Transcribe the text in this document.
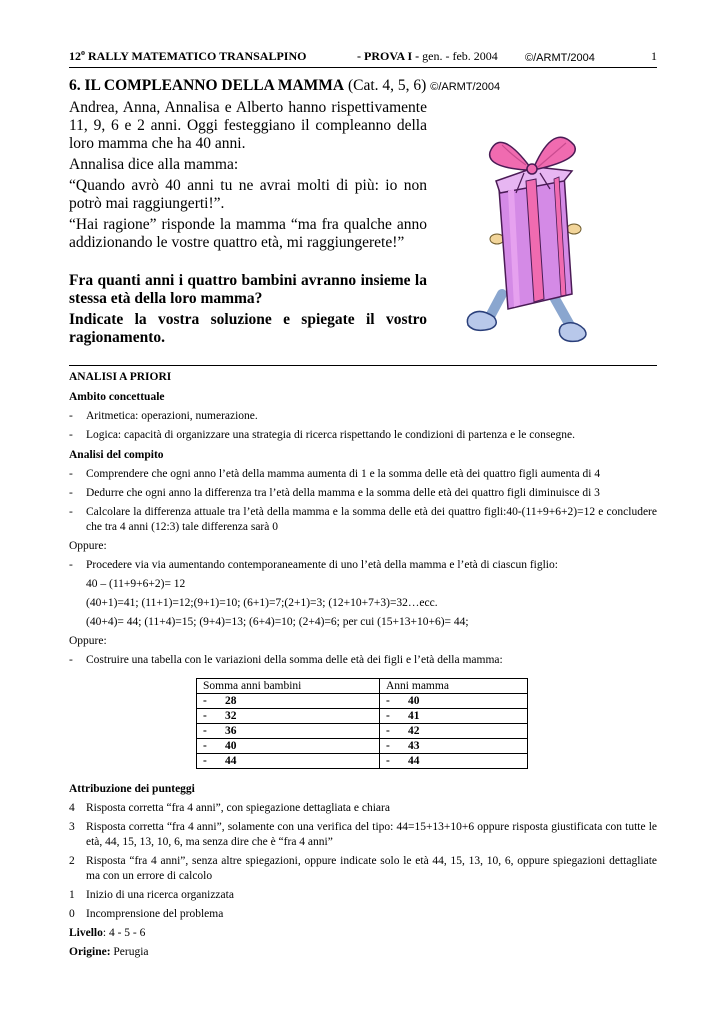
12$^o$ RALLY MATEMATICO TRANSALPINO	- PROVA I - gen. - feb. 2004	©/ARMT/2004	1
6. IL COMPLEANNO DELLA MAMMA (Cat. 4, 5, 6) ©/ARMT/2004

Andrea, Anna, Annalisa e Alberto hanno rispettivamente 11, 9, 6 e 2 anni. Oggi festeggiano il compleanno della loro mamma che ha 40 anni.

Annalisa dice alla mamma:

“Quando avrò 40 anni tu ne avrai molti di più: io non potrò mai raggiungerti!”.

“Hai ragione” risponde la mamma “ma fra qualche anno addizionando le vostre quattro età, mi raggiungerete!”

Fra quanti anni i quattro bambini avranno insieme la stessa età della loro mamma?

Indicate la vostra soluzione e spiegate il vostro ragionamento.

ANALISI A PRIORI
Ambito concettuale
-	Aritmetica: operazioni, numerazione.
-	Logica: capacità di organizzare una strategia di ricerca rispettando le condizioni di partenza e le consegne.
Analisi del compito
-	Comprendere che ogni anno l’età della mamma aumenta di 1 e la somma delle età dei quattro figli aumenta di 4
-	Dedurre che ogni anno la differenza tra l’età della mamma e la somma delle età dei quattro figli diminuisce di 3
-	Calcolare la differenza attuale tra l’età della mamma e la somma delle età dei quattro figli:40-(11+9+6+2)=12 e concludere che tra 4 anni (12:3) tale differenza sarà 0
Oppure:
-	Procedere via via aumentando contemporaneamente di uno l’età della mamma e l’età di ciascun figlio:
40 – (11+9+6+2)= 12
(40+1)=41; (11+1)=12;(9+1)=10; (6+1)=7;(2+1)=3; (12+10+7+3)=32…ecc.
(40+4)= 44; (11+4)=15; (9+4)=13; (6+4)=10; (2+4)=6; per cui (15+13+10+6)= 44;
Oppure:
-	Costruire una tabella con le variazioni della somma delle età dei figli e l’età della mamma:
Somma anni bambini	Anni mamma
- 28	- 40
- 32	- 41
- 36	- 42
- 40	- 43
- 44	- 44
Attribuzione dei punteggi
4 Risposta corretta “fra 4 anni”, con spiegazione dettagliata e chiara
3 Risposta corretta “fra 4 anni”, solamente con una verifica del tipo: 44=15+13+10+6 oppure risposta giustificata con tutte le età, 44, 15, 13, 10, 6, ma senza dire che è “fra 4 anni”
2 Risposta “fra 4 anni”, senza altre spiegazioni, oppure indicate solo le età 44, 15, 13, 10, 6, oppure spiegazioni dettagliate ma con un errore di calcolo
1 Inizio di una ricerca organizzata
0 Incomprensione del problema
Livello: 4 - 5 - 6
Origine: Perugia
